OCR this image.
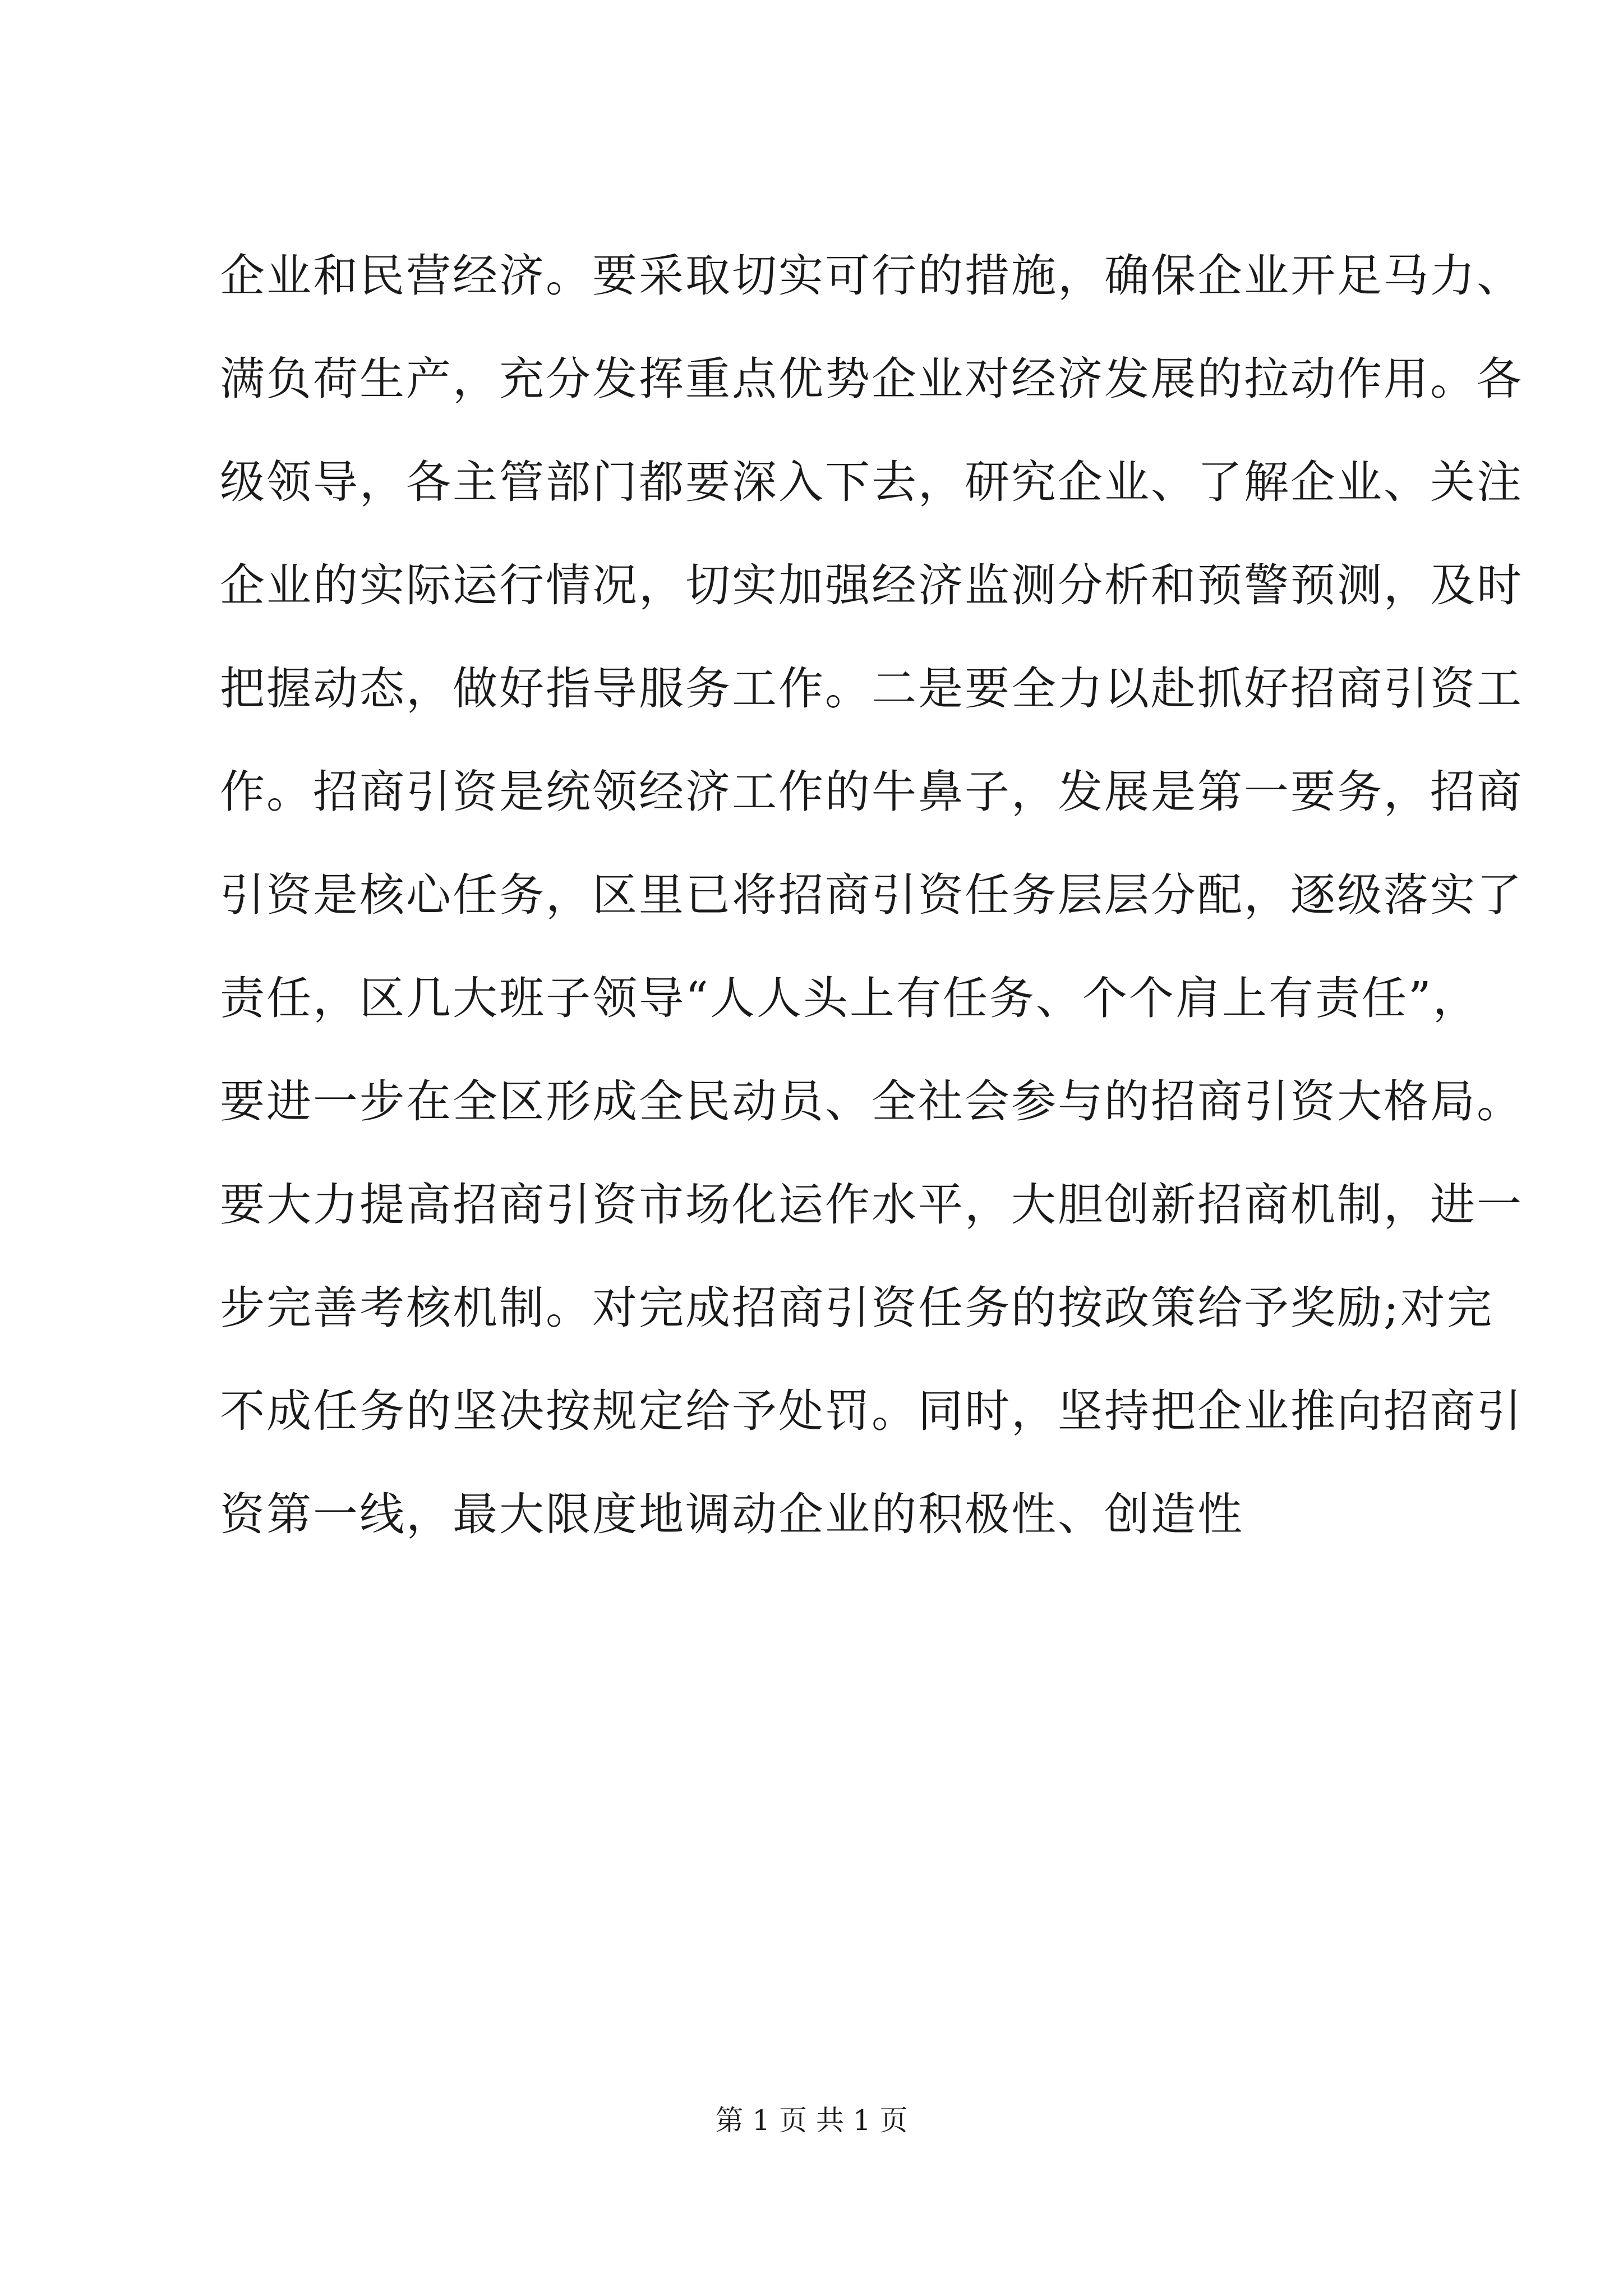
企业和民营经济。要采取切实可行的措施，确保企业开足马力、
满负荷生产，充分发挥重点优势企业对经济发展的拉动作用。各
级领导，各主管部门都要深入下去，研究企业、了解企业、关注
企业的实际运行情况，切实加强经济监测分析和预警预测，及时
把握动态，做好指导服务工作。二是要全力以赴抓好招商引资工
作。招商引资是统领经济工作的牛鼻子，发展是第一要务，招商
引资是核心任务，区里已将招商引资任务层层分配，逐级落实了
责任，区几大班子领导“人人头上有任务、个个肩上有责任”，
要进一步在全区形成全民动员、全社会参与的招商引资大格局。
要大力提高招商引资市场化运作水平，大胆创新招商机制，进一
步完善考核机制。对完成招商引资任务的按政策给予奖励;对完
不成任务的坚决按规定给予处罚。同时，坚持把企业推向招商引
资第一线，最大限度地调动企业的积极性、创造性
第 1 页 共 1 页
